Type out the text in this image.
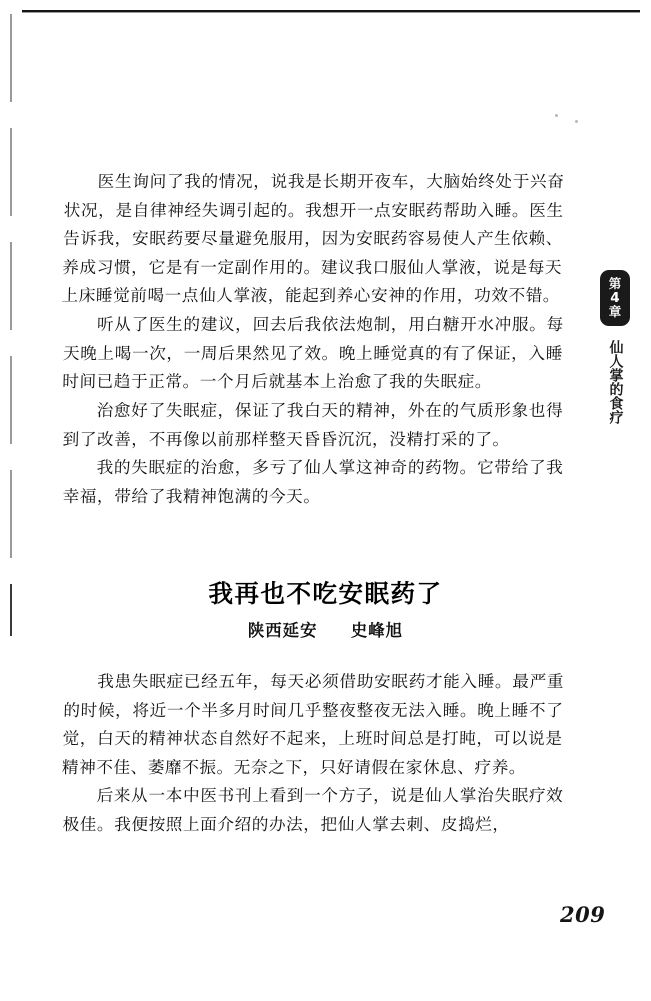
医生询问了我的情况，说我是长期开夜车，大脑始终处于兴奋状况，是自律神经失调引起的。我想开一点安眠药帮助入睡。医生告诉我，安眠药要尽量避免服用，因为安眠药容易使人产生依赖、养成习惯，它是有一定副作用的。建议我口服仙人掌液，说是每天上床睡觉前喝一点仙人掌液，能起到养心安神的作用，功效不错。

听从了医生的建议，回去后我依法炮制，用白糖开水冲服。每天晚上喝一次，一周后果然见了效。晚上睡觉真的有了保证，入睡时间已趋于正常。一个月后就基本上治愈了我的失眠症。

治愈好了失眠症，保证了我白天的精神，外在的气质形象也得到了改善，不再像以前那样整天昏昏沉沉，没精打采的了。

我的失眠症的治愈，多亏了仙人掌这神奇的药物。它带给了我幸福，带给了我精神饱满的今天。

我再也不吃安眠药了
陕西延安 史峰旭

我患失眠症已经五年，每天必须借助安眠药才能入睡。最严重的时候，将近一个半多月时间几乎整夜整夜无法入睡。晚上睡不了觉，白天的精神状态自然好不起来，上班时间总是打盹，可以说是精神不佳、萎靡不振。无奈之下，只好请假在家休息、疗养。

后来从一本中医书刊上看到一个方子，说是仙人掌治失眠疗效极佳。我便按照上面介绍的办法，把仙人掌去刺、皮捣烂，

第
4
章
仙人掌的食疗
209
